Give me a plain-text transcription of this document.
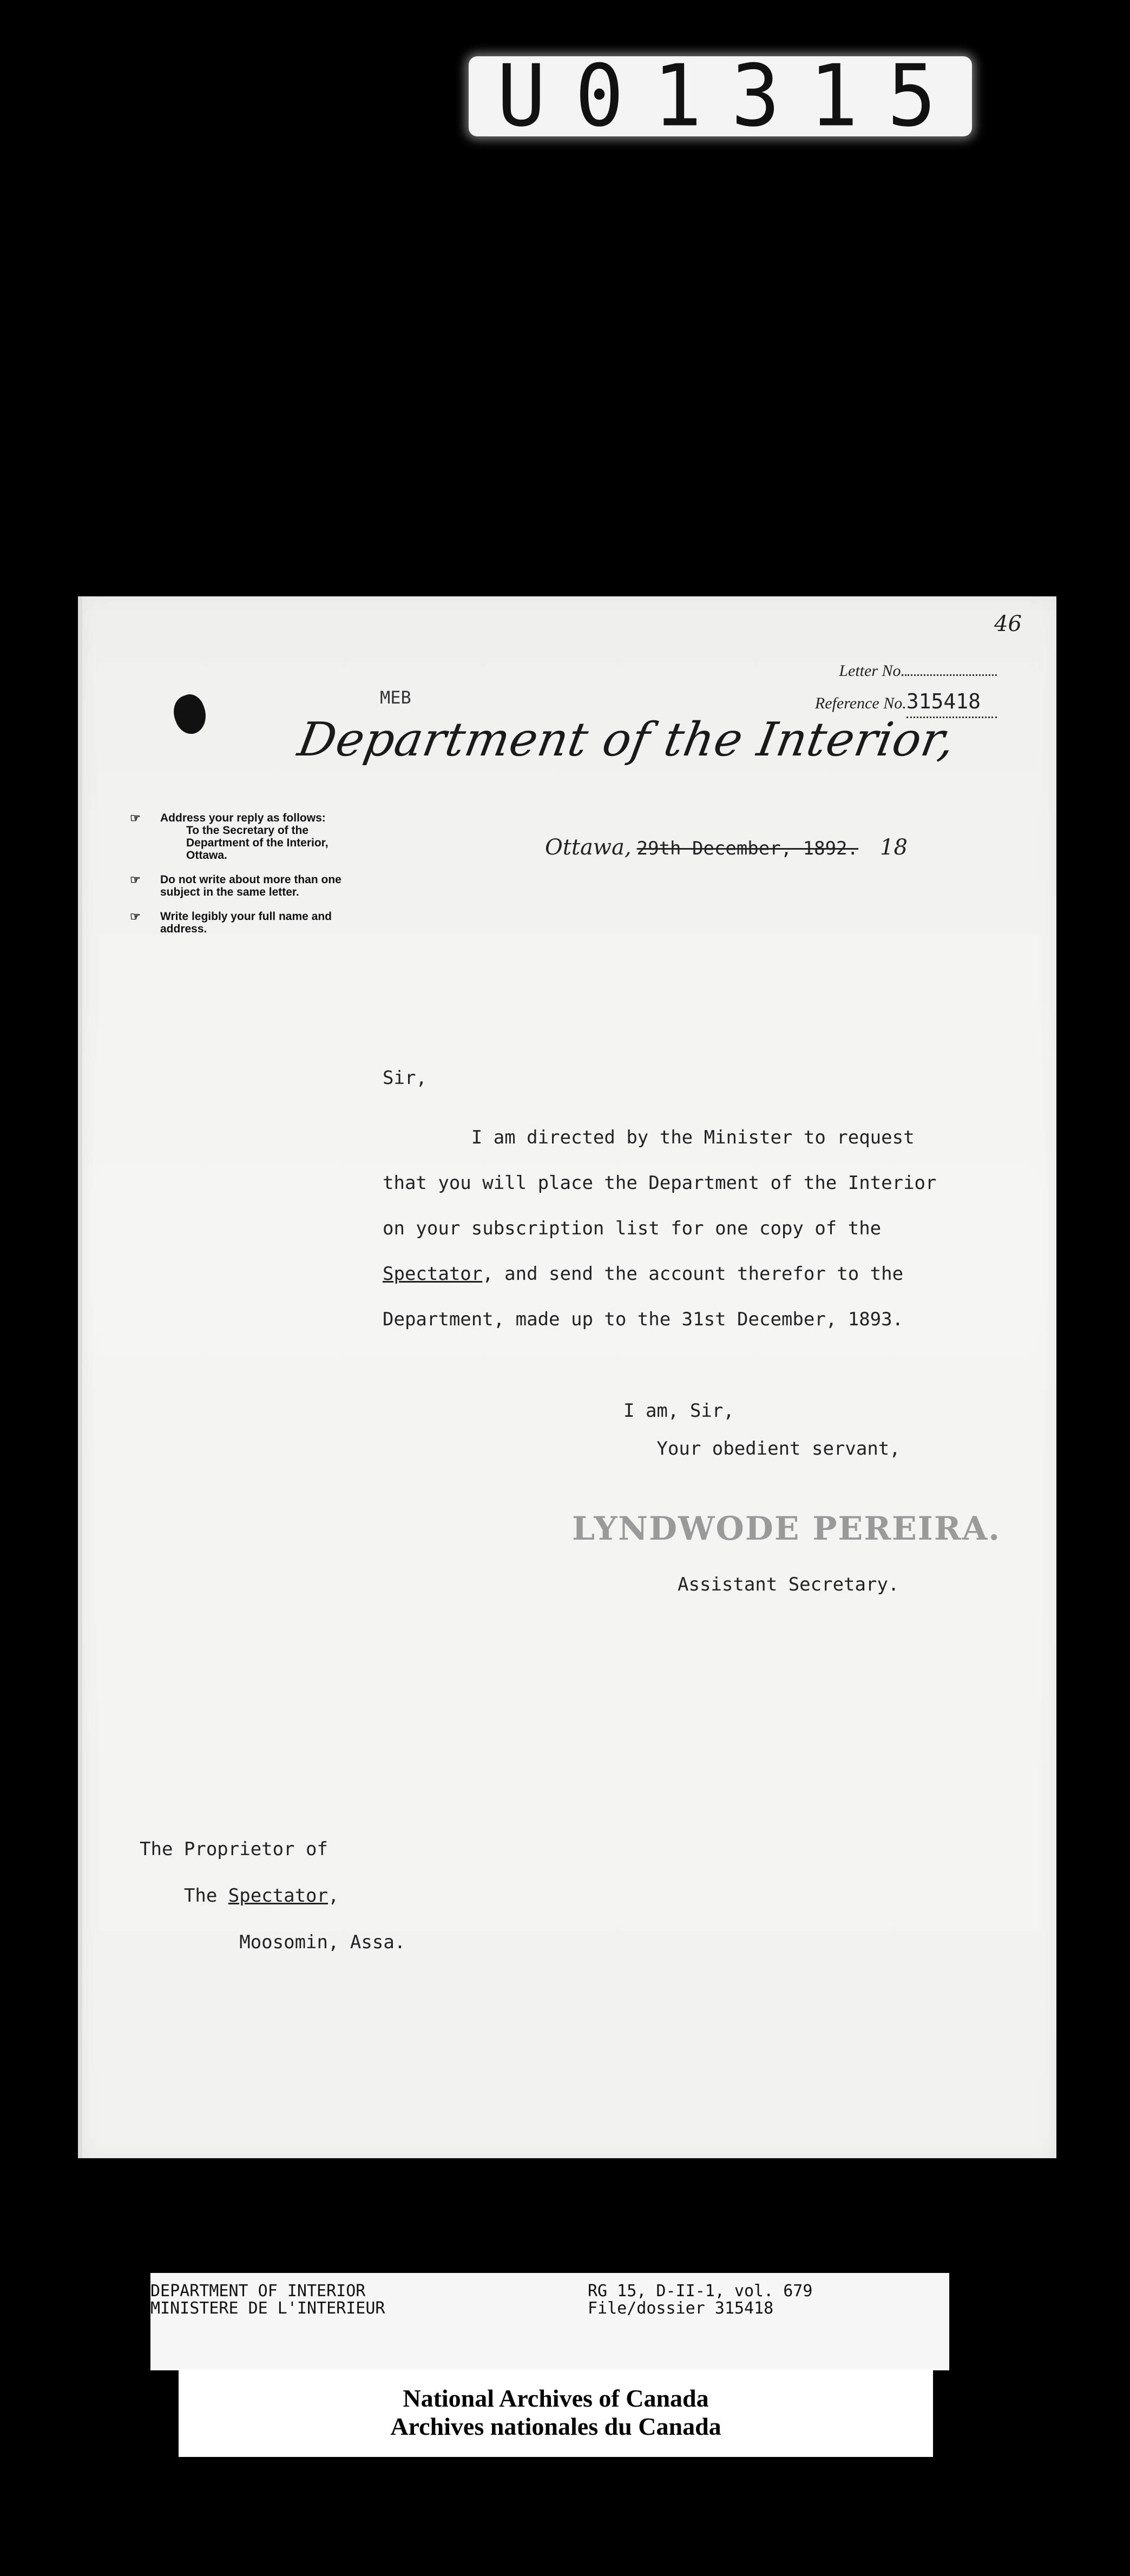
U01315
46
Letter No.
Reference No.315418
MEB
Department of the Interior,
☞	Address your reply as follows:
To the Secretary of the
Department of the Interior, Ottawa.
☞	Do not write about more than one
subject in the same letter.
☞	Write legibly your full name and
address.
Ottawa, 29th December, 1892. 18
Sir,
I am directed by the Minister to request
that you will place the Department of the Interior
on your subscription list for one copy of the
Spectator, and send the account therefor to the
Department, made up to the 31st December, 1893.
I am, Sir,
Your obedient servant,
LYNDWODE PEREIRA.
Assistant Secretary.
The Proprietor of
The Spectator,
Moosomin, Assa.
DEPARTMENT OF INTERIOR
MINISTERE DE L'INTERIEUR
RG 15, D-II-1, vol. 679
File/dossier 315418
National Archives of Canada
Archives nationales du Canada
